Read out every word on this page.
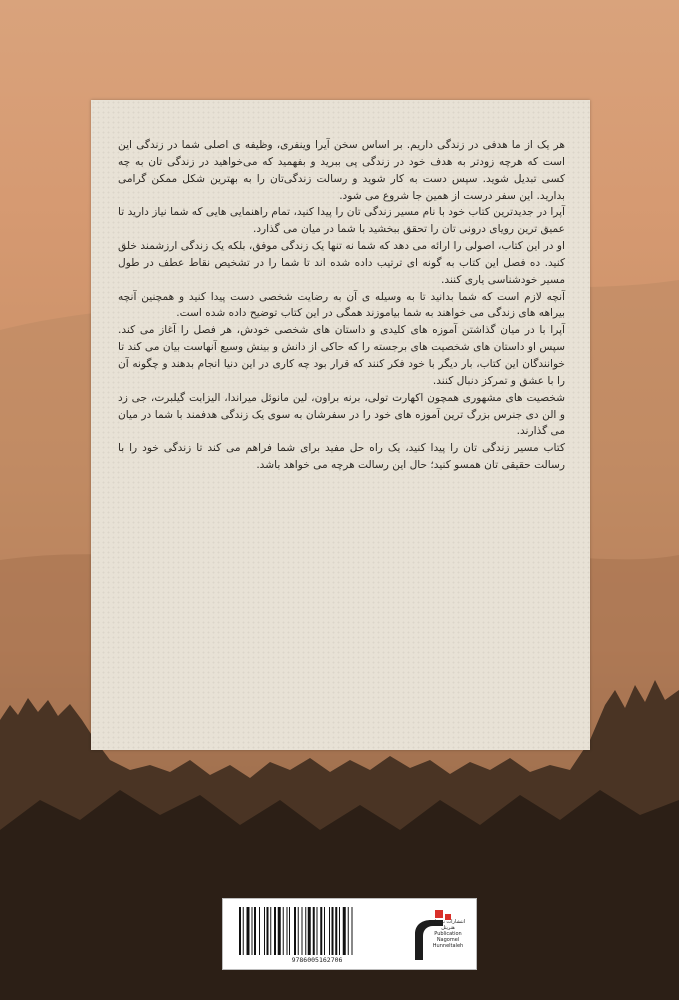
هر یک از ما هدفی در زندگی داریم. بر اساس سخن آیرا وینفری، وظیفه ی اصلی شما در زندگی این است که هرچه زودتر به هدف خود در زندگی پی ببرید و بفهمید که می‌خواهید در زندگی تان به چه کسی تبدیل شوید. سپس دست به کار شوید و رسالت زندگی‌تان را به بهترین شکل ممکن گرامی بدارید. این سفر درست از همین جا شروع می شود.

آپرا در جدیدترین کتاب خود با نام مسیر زندگی تان را پیدا کنید، تمام راهنمایی هایی که شما نیاز دارید تا عمیق ترین رویای درونی تان را تحقق ببخشید با شما در میان می گذارد.

او در این کتاب، اصولی را ارائه می دهد که شما نه تنها یک زندگی موفق، بلکه یک زندگی ارزشمند خلق کنید. ده فصل این کتاب به گونه ای ترتیب داده شده اند تا شما را در تشخیص نقاط عطف در طول مسیر خودشناسی یاری کنند.

آنچه لازم است که شما بدانید تا به وسیله ی آن به رضایت شخصی دست پیدا کنید و همچنین آنچه بیراهه های زندگی می خواهند به شما بیاموزند همگی در این کتاب توضیح داده شده است.

آپرا با در میان گذاشتن آموزه های کلیدی و داستان های شخصی خودش، هر فصل را آغاز می کند. سپس او داستان های شخصیت های برجسته را که حاکی از دانش و بینش وسیع آنهاست بیان می کند تا خوانندگان این کتاب، بار دیگر با خود فکر کنند که قرار بود چه کاری در این دنیا انجام بدهند و چگونه آن را با عشق و تمرکز دنبال کنند.

شخصیت های مشهوری همچون اکهارت تولی، برنه براون، لین مانوئل میراندا، الیزابت گیلبرت، جی زد و الن دی جنرس بزرگ ترین آموزه های خود را در سفرشان به سوی یک زندگی هدفمند با شما در میان می گذارند.

کتاب مسیر زندگی تان را پیدا کنید، یک راه حل مفید برای شما فراهم می کند تا زندگی خود را با رسالت حقیقی تان همسو کنید؛ حال این رسالت هرچه می خواهد باشد.

9786005162706
انتشارات نیستان هنریتل
Publication
Nagomel Hunneltaleh
